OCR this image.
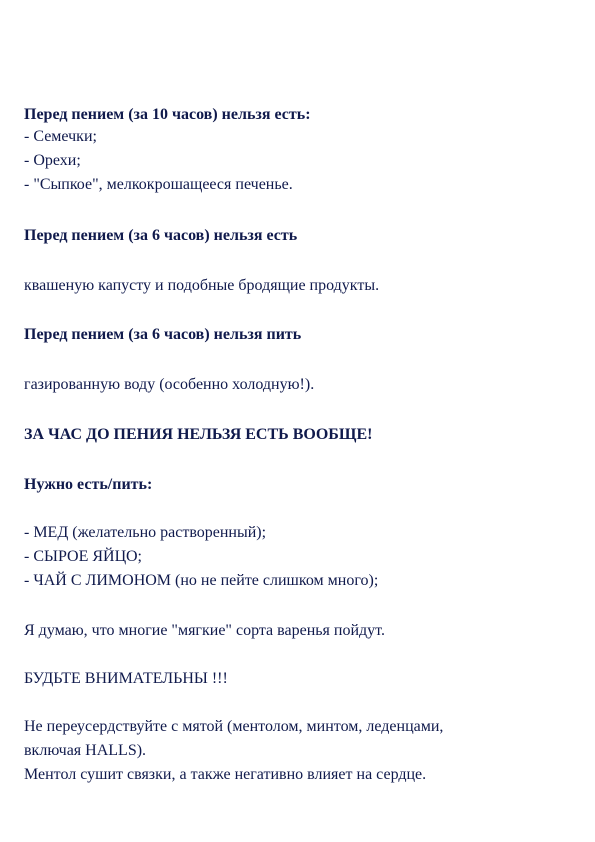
Перед пением (за 10 часов) нельзя есть:
- Семечки;
- Орехи;
- "Сыпкое", мелкокрошащееся печенье.
Перед пением (за 6 часов) нельзя есть
квашеную капусту и подобные бродящие продукты.
Перед пением (за 6 часов) нельзя пить
газированную воду (особенно холодную!).
ЗА ЧАС ДО ПЕНИЯ НЕЛЬЗЯ ЕСТЬ ВООБЩЕ!
Нужно есть/пить:
- МЕД (желательно растворенный);
- СЫРОЕ ЯЙЦО;
- ЧАЙ С ЛИМОНОМ (но не пейте слишком много);
Я думаю, что многие "мягкие" сорта варенья пойдут.
БУДЬТЕ ВНИМАТЕЛЬНЫ !!!
Не переусердствуйте с мятой (ментолом, минтом, леденцами,
включая HALLS).
Ментол сушит связки, а также негативно влияет на сердце.
